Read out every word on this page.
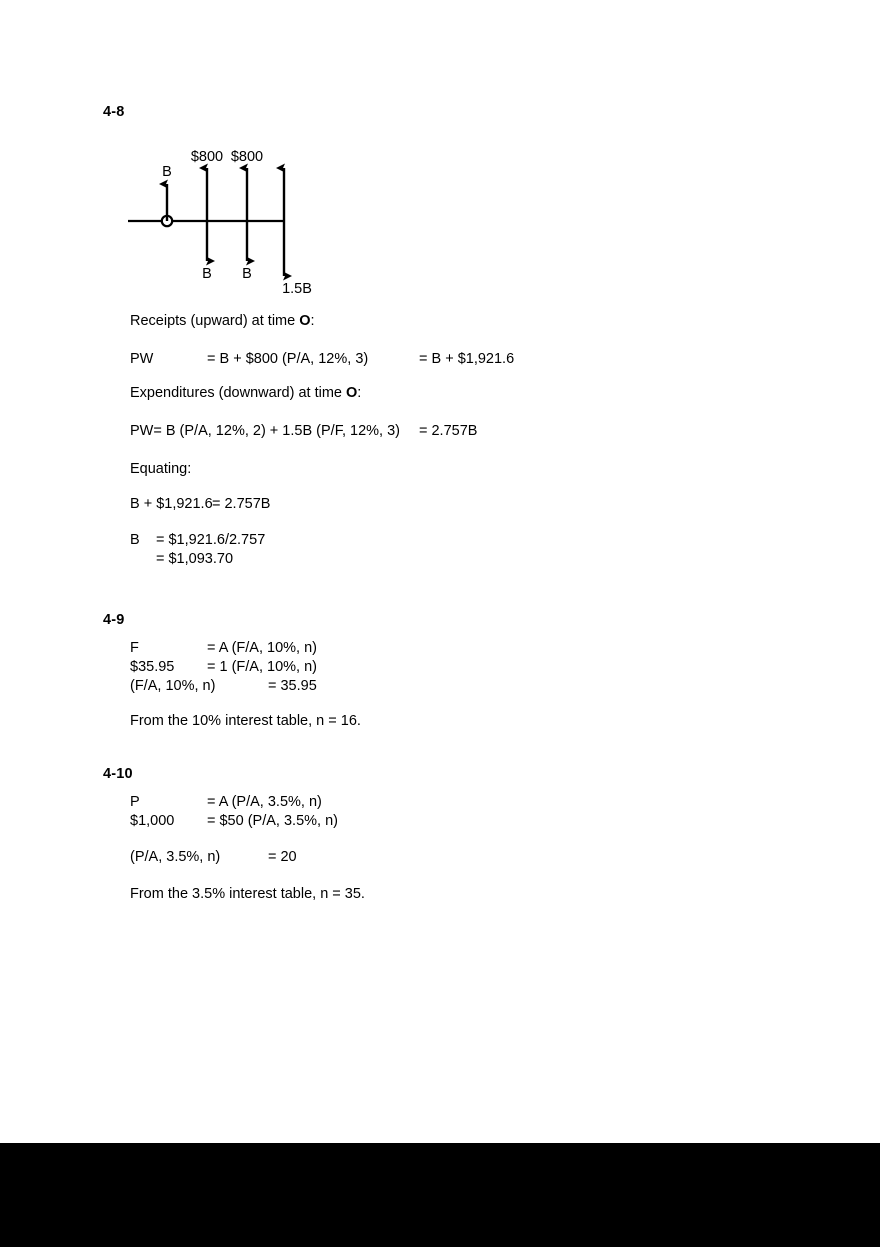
4-8
B
$800 $800
B B
1.5B
Receipts (upward) at time O:
PW	= B + $800 (P/A, 12%, 3)	= B + $1,921.6
Expenditures (downward) at time O:
PW= B (P/A, 12%, 2) + 1.5B (P/F, 12%, 3) = 2.757B
Equating:
B + $1,921.6= 2.757B
B = $1,921.6/2.757
= $1,093.70
4-9
F	= A (F/A, 10%, n)
$35.95 = 1 (F/A, 10%, n)
(F/A, 10%, n)	= 35.95
From the 10% interest table, n = 16.
4-10
P	= A (P/A, 3.5%, n)
$1,000 = $50 (P/A, 3.5%, n)
(P/A, 3.5%, n)	= 20
From the 3.5% interest table, n = 35.
